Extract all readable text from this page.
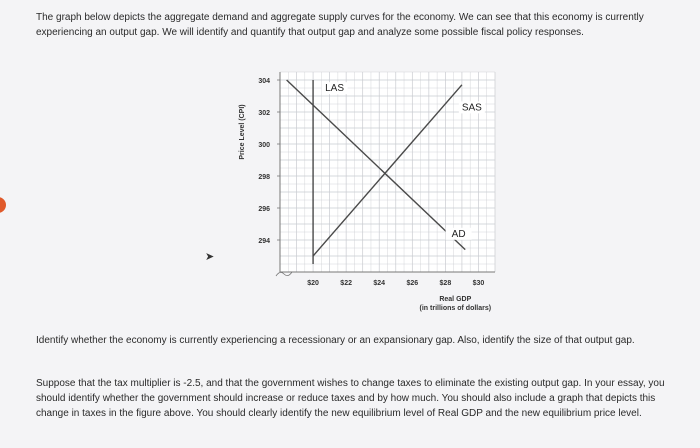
The graph below depicts the aggregate demand and aggregate supply curves for the economy. We can see that this economy is currently experiencing an output gap. We will identify and quantify that output gap and analyze some possible fiscal policy responses.
➤
294
296
298
300
302
304
$20	$22	$24	$26	$28	$30
Price Level (CPI)
Real GDP
(in trillions of dollars)
LAS
SAS
AD
Identify whether the economy is currently experiencing a recessionary or an expansionary gap. Also, identify the size of that output gap.
Suppose that the tax multiplier is -2.5, and that the government wishes to change taxes to eliminate the existing output gap. In your essay, you should identify whether the government should increase or reduce taxes and by how much. You should also include a graph that depicts this change in taxes in the figure above. You should clearly identify the new equilibrium level of Real GDP and the new equilibrium price level.
